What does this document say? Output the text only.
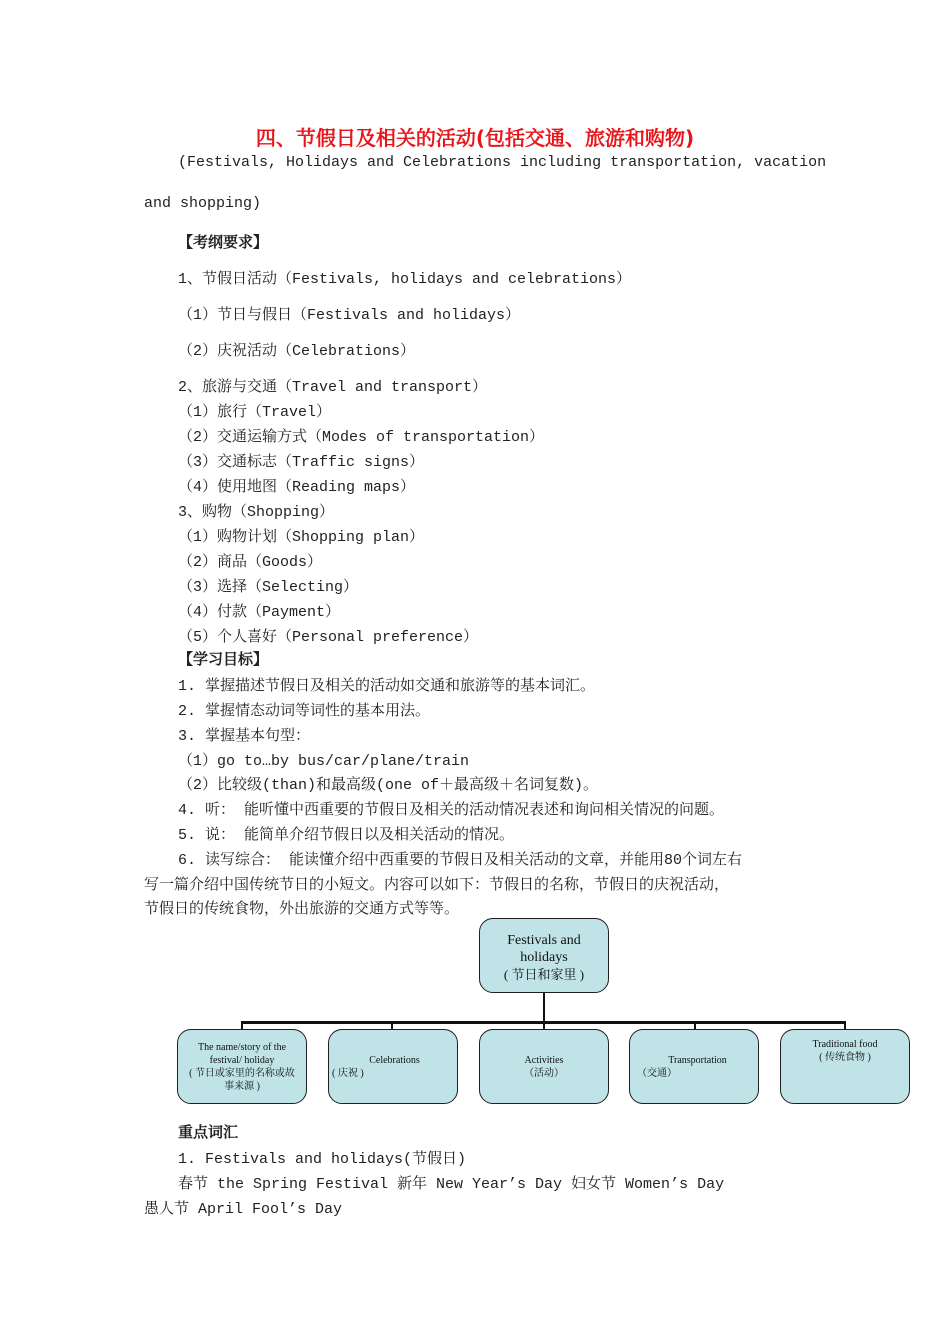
四、节假日及相关的活动(包括交通、旅游和购物)
(Festivals, Holidays and Celebrations including transportation, vacation
and shopping)
【考纲要求】
1、节假日活动（Festivals, holidays and celebrations）
（1）节日与假日（Festivals and holidays）
（2）庆祝活动（Celebrations）
2、旅游与交通（Travel and transport）
（1）旅行（Travel）
（2）交通运输方式（Modes of transportation）
（3）交通标志（Traffic signs）
（4）使用地图（Reading maps）
3、购物（Shopping）
（1）购物计划（Shopping plan）
（2）商品（Goods）
（3）选择（Selecting）
（4）付款（Payment）
（5）个人喜好（Personal preference）
【学习目标】
1. 掌握描述节假日及相关的活动如交通和旅游等的基本词汇。
2. 掌握情态动词等词性的基本用法。
3. 掌握基本句型：
（1）go to…by bus/car/plane/train
（2）比较级(than)和最高级(one of＋最高级＋名词复数)。
4. 听： 能听懂中西重要的节假日及相关的活动情况表述和询问相关情况的问题。
5. 说： 能简单介绍节假日以及相关活动的情况。
6. 读写综合： 能读懂介绍中西重要的节假日及相关活动的文章，并能用80个词左右
写一篇介绍中国传统节日的小短文。内容可以如下：节假日的名称，节假日的庆祝活动，
节假日的传统食物，外出旅游的交通方式等等。
Festivals and holidays
( 节日和家里 )
The name/story of the festival/ holiday
( 节日或家里的名称或故事来源 )
Celebrations
( 庆祝 )
Activities
（活动）
Transportation
（交通）
Traditional food
( 传统食物 )
重点词汇
1. Festivals and holidays(节假日)
春节 the Spring Festival 新年 New Year’s Day 妇女节 Women’s Day
愚人节 April Fool’s Day
